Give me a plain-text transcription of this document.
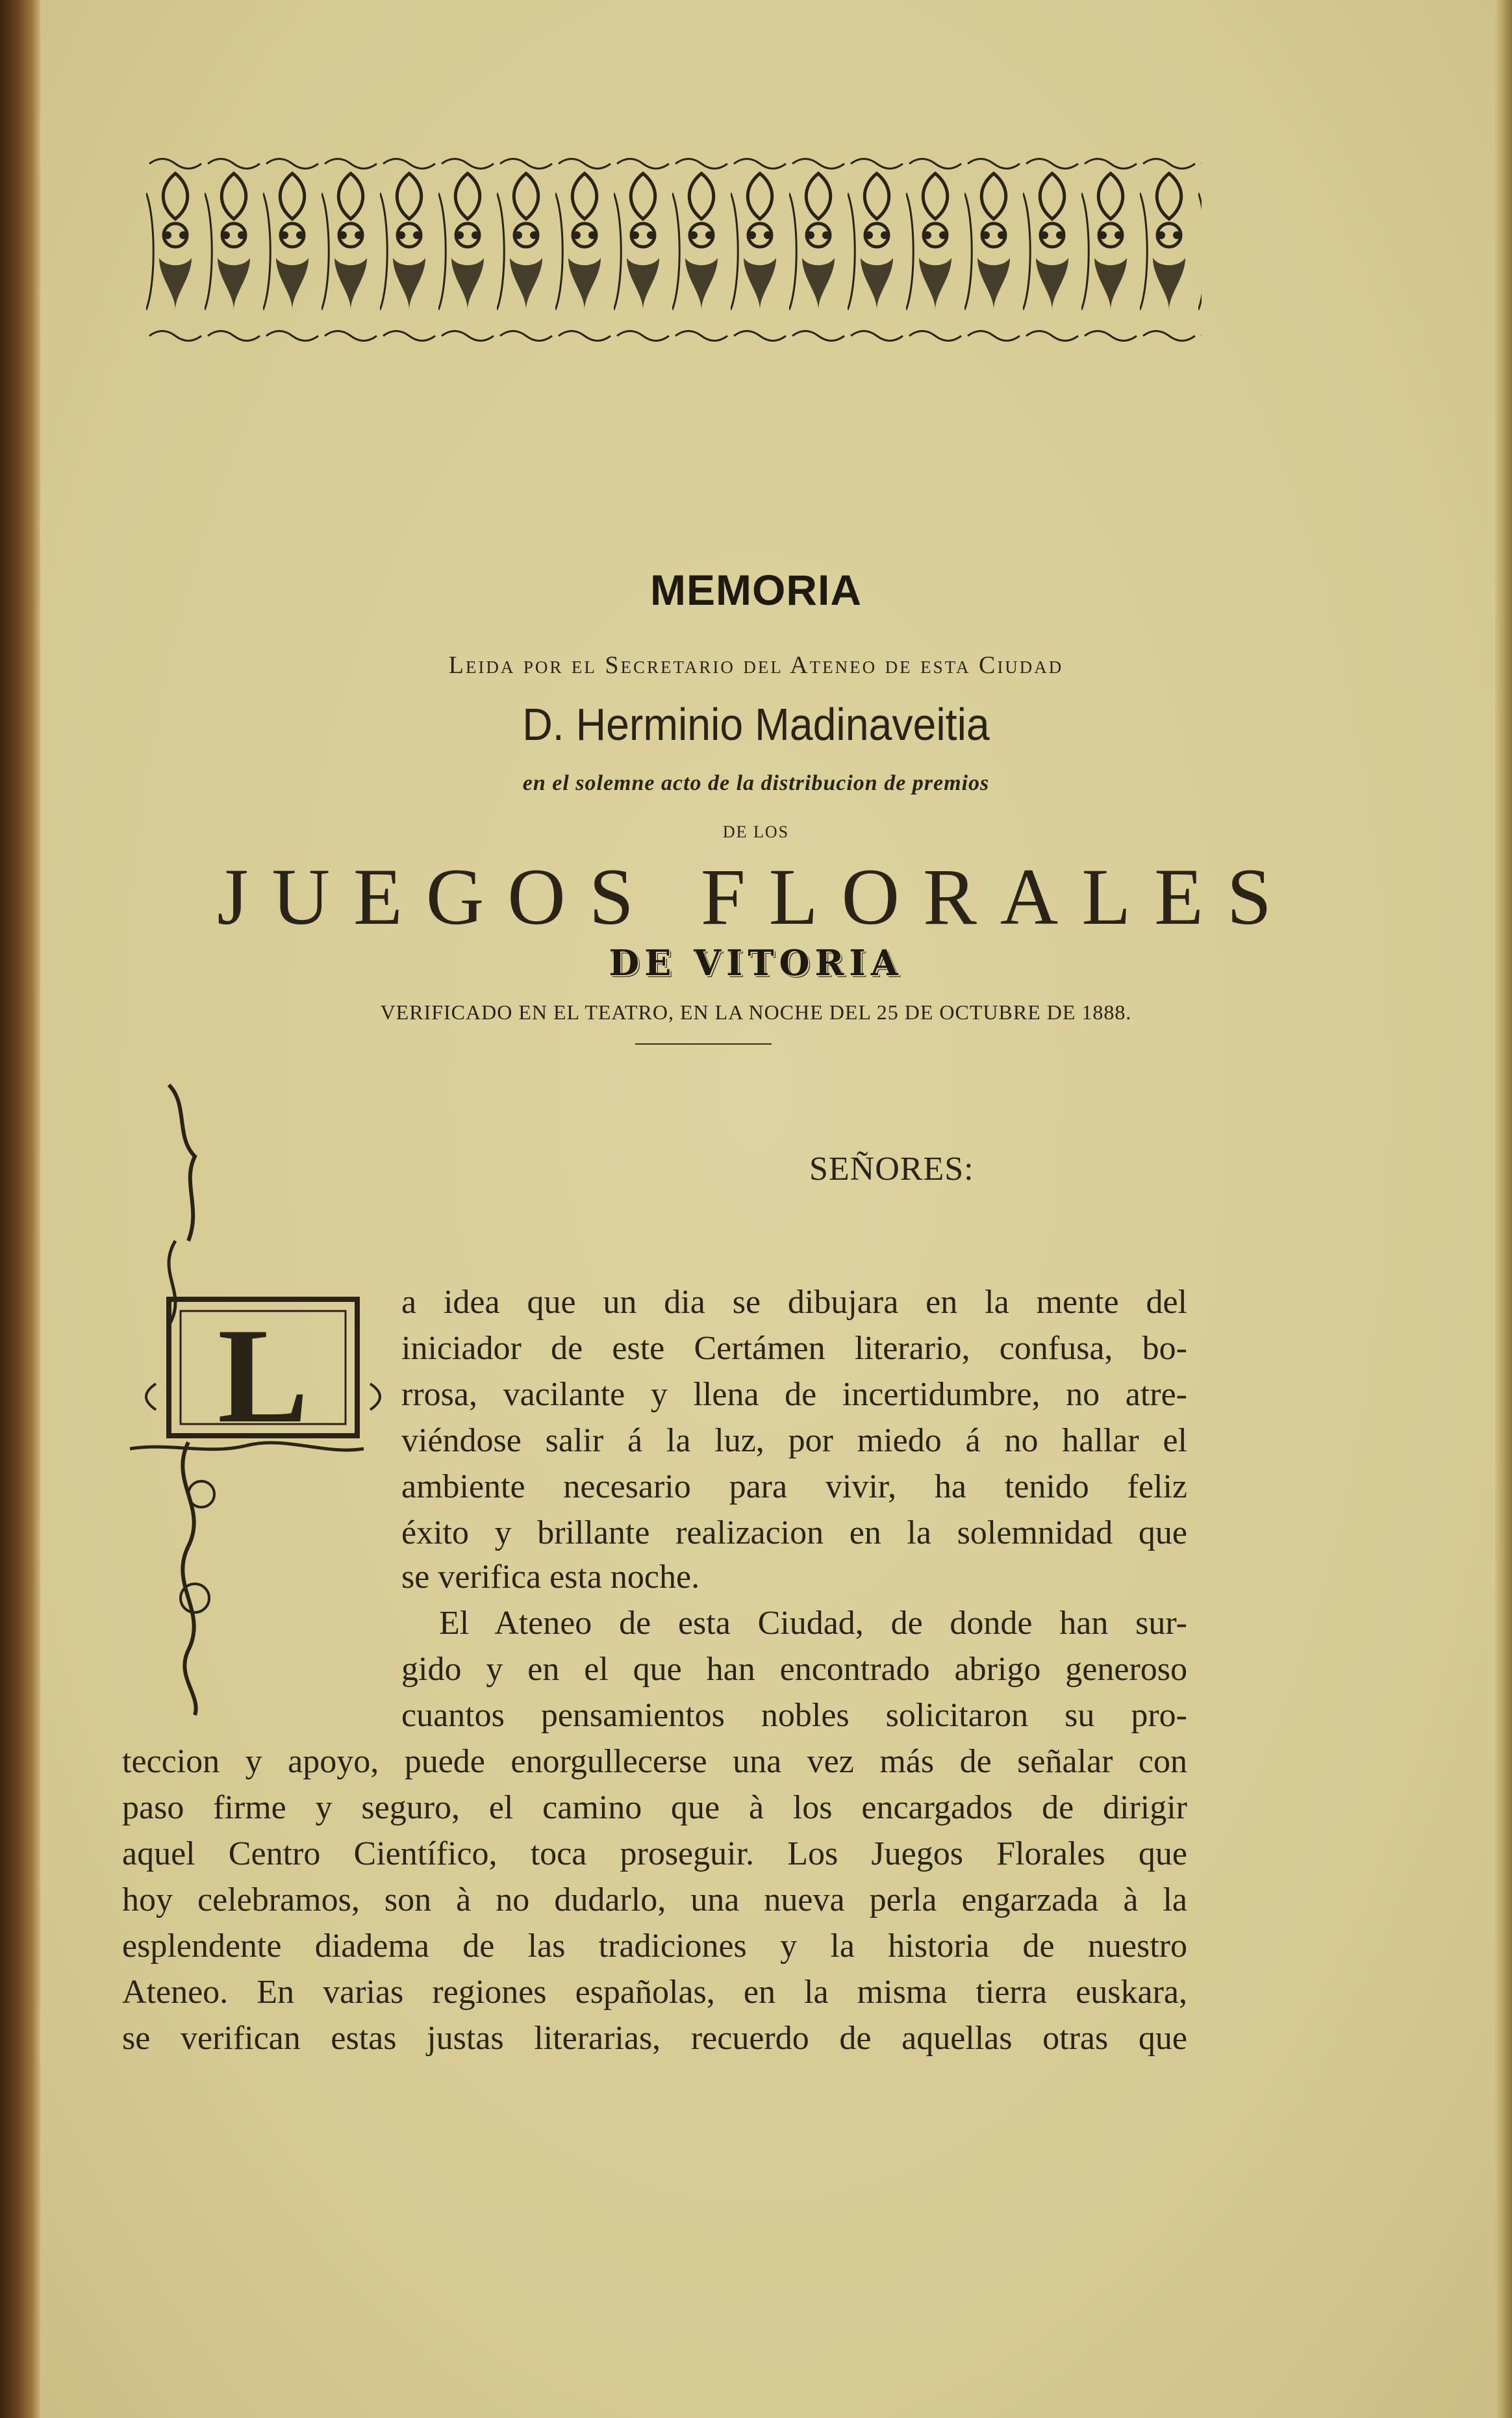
MEMORIA
Leida por el Secretario del Ateneo de esta Ciudad
D. Herminio Madinaveitia
en el solemne acto de la distribucion de premios
DE LOS
JUEGOS FLORALES
DE VITORIA
VERIFICADO EN EL TEATRO, EN LA NOCHE DEL 25 DE OCTUBRE DE 1888.
SEÑORES:
L	a idea que un dia se dibujara en la mente del
iniciador de este Certámen literario, confusa, bo-
rrosa, vacilante y llena de incertidumbre, no atre-
viéndose salir á la luz, por miedo á no hallar el
ambiente necesario para vivir, ha tenido feliz
éxito y brillante realizacion en la solemnidad que
se verifica esta noche.
El Ateneo de esta Ciudad, de donde han sur-
gido y en el que han encontrado abrigo generoso
cuantos pensamientos nobles solicitaron su pro-
teccion y apoyo, puede enorgullecerse una vez más de señalar con
paso firme y seguro, el camino que à los encargados de dirigir
aquel Centro Científico, toca proseguir. Los Juegos Florales que
hoy celebramos, son à no dudarlo, una nueva perla engarzada à la
esplendente diadema de las tradiciones y la historia de nuestro
Ateneo. En varias regiones españolas, en la misma tierra euskara,
se verifican estas justas literarias, recuerdo de aquellas otras que
